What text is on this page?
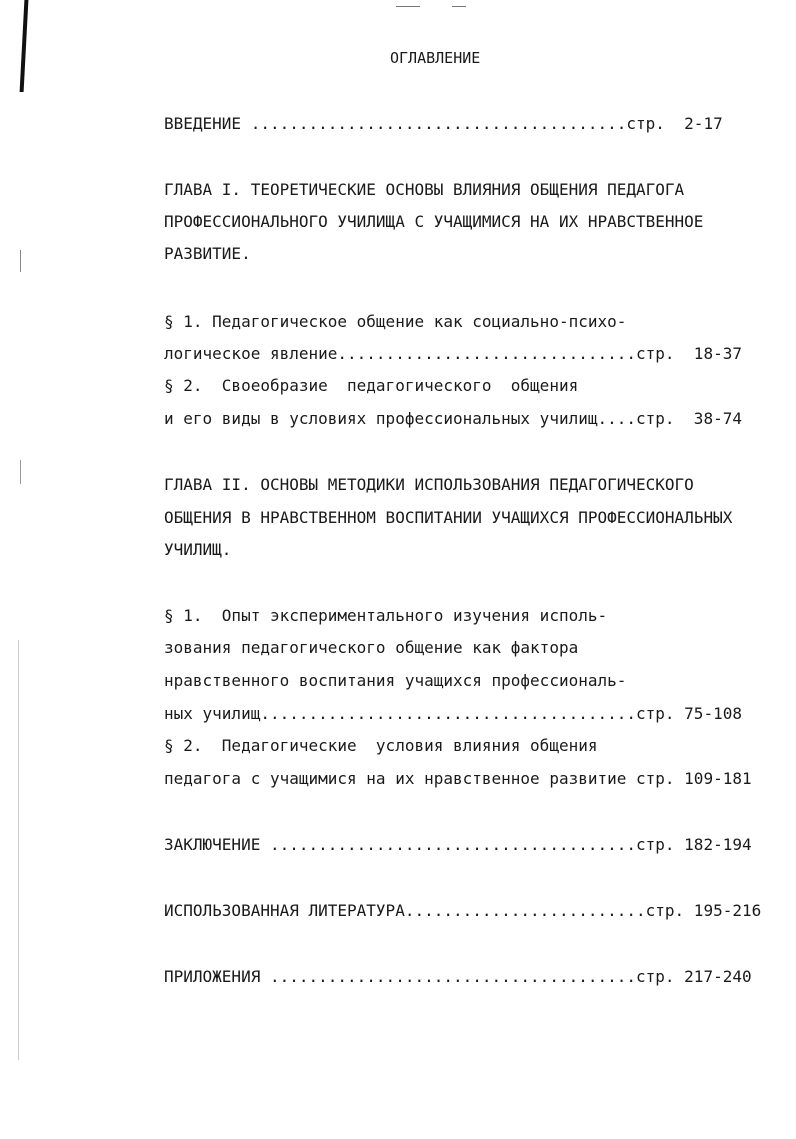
ОГЛАВЛЕНИЕ
ВВЕДЕНИЕ .......................................стр.  2-17
ГЛАВА I. ТЕОРЕТИЧЕСКИЕ ОСНОВЫ ВЛИЯНИЯ ОБЩЕНИЯ ПЕДАГОГА
ПРОФЕССИОНАЛЬНОГО УЧИЛИЩА С УЧАЩИМИСЯ НА ИХ НРАВСТВЕННОЕ
РАЗВИТИЕ.
§ 1. Педагогическое общение как социально-психо-
логическое явление...............................стр.  18-37
§ 2.  Своеобразие  педагогического  общения
и его виды в условиях профессиональных училищ....стр.  38-74
ГЛАВА II. ОСНОВЫ МЕТОДИКИ ИСПОЛЬЗОВАНИЯ ПЕДАГОГИЧЕСКОГО
ОБЩЕНИЯ В НРАВСТВЕННОМ ВОСПИТАНИИ УЧАЩИХСЯ ПРОФЕССИОНАЛЬНЫХ
УЧИЛИЩ.
§ 1.  Опыт экспериментального изучения исполь-
зования педагогического общение как фактора
нравственного воспитания учащихся профессиональ-
ных училищ.......................................стр. 75-108
§ 2.  Педагогические  условия влияния общения
педагога с учащимися на их нравственное развитие стр. 109-181
ЗАКЛЮЧЕНИЕ ......................................стр. 182-194
ИСПОЛЬЗОВАННАЯ ЛИТЕРАТУРА.........................стр. 195-216
ПРИЛОЖЕНИЯ ......................................стр. 217-240
